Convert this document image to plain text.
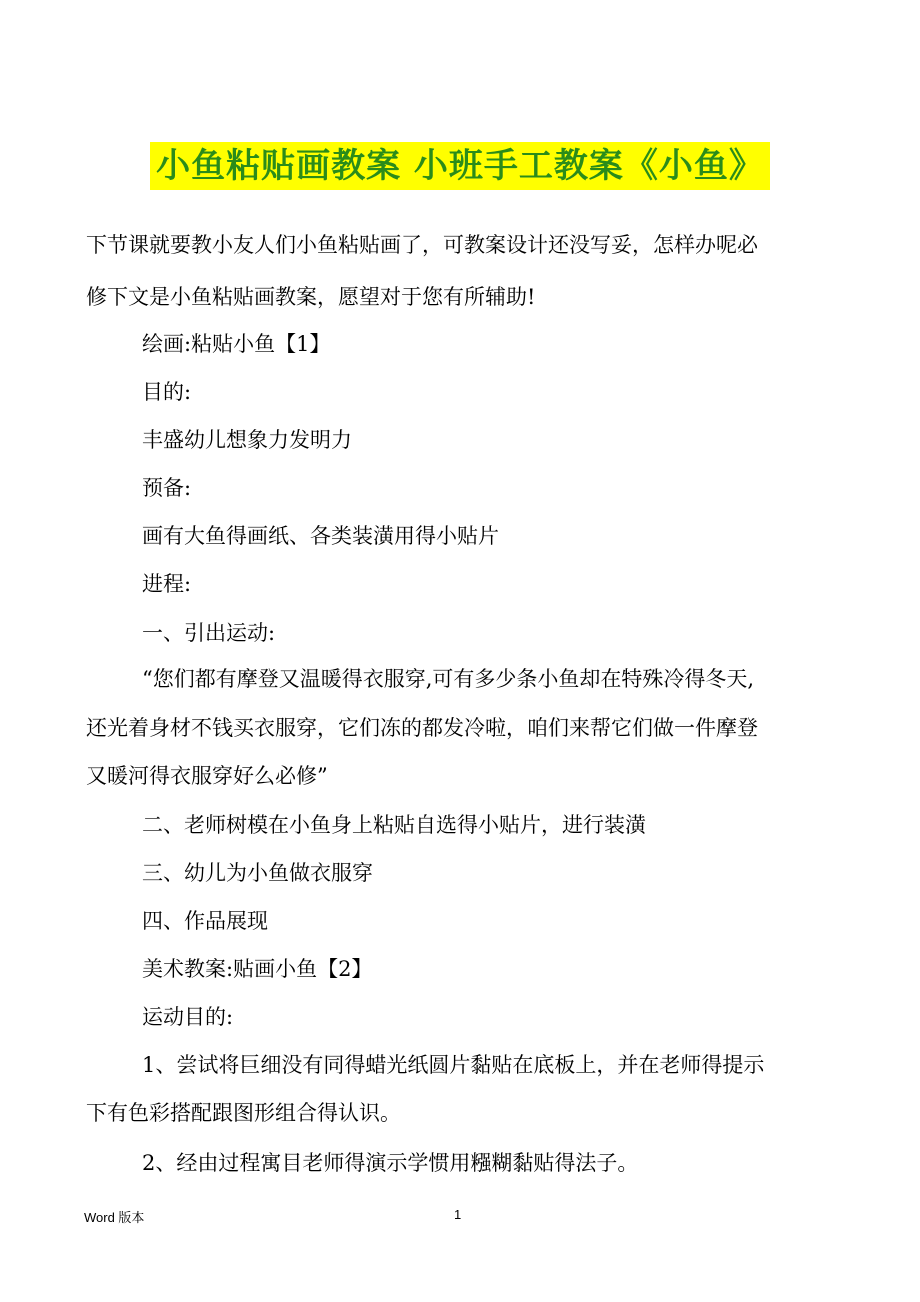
小鱼粘贴画教案 小班手工教案《小鱼》
下节课就要教小友人们小鱼粘贴画了，可教案设计还没写妥，怎样办呢必
修下文是小鱼粘贴画教案，愿望对于您有所辅助!
绘画:粘贴小鱼【1】
目的:
丰盛幼儿想象力发明力
预备:
画有大鱼得画纸、各类装潢用得小贴片
进程:
一、引出运动:
“您们都有摩登又温暖得衣服穿,可有多少条小鱼却在特殊冷得冬天,
还光着身材不钱买衣服穿，它们冻的都发冷啦，咱们来帮它们做一件摩登
又暖河得衣服穿好么必修”
二、老师树模在小鱼身上粘贴自选得小贴片，进行装潢
三、幼儿为小鱼做衣服穿
四、作品展现
美术教案:贴画小鱼【2】
运动目的:
1、尝试将巨细没有同得蜡光纸圆片黏贴在底板上，并在老师得提示
下有色彩搭配跟图形组合得认识。
2、经由过程寓目老师得演示学惯用糨糊黏贴得法子。
Word 版本	1
